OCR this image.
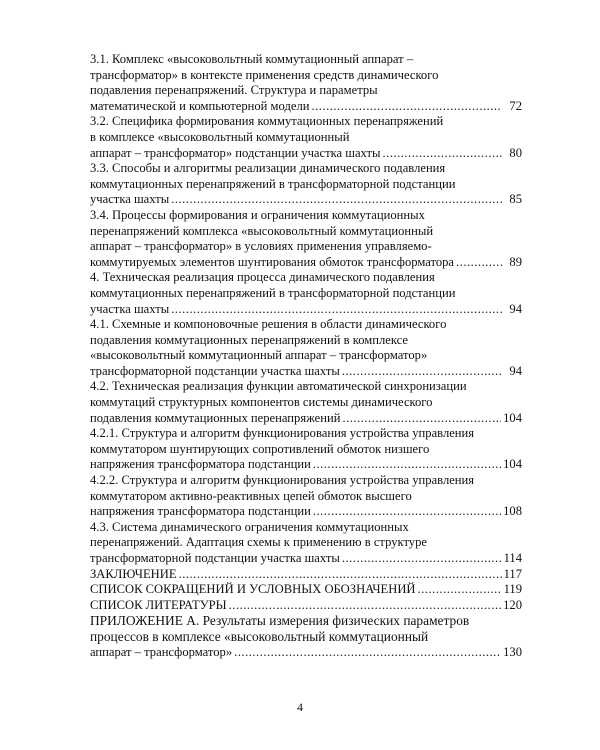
3.1. Комплекс «высоковольтный коммутационный аппарат –
трансформатор» в контексте применения средств динамического
подавления перенапряжений. Структура и параметры
математической и компьютерной модели .....	72
3.2. Специфика формирования коммутационных перенапряжений
в комплексе «высоковольтный коммутационный
аппарат – трансформатор» подстанции участка шахты .....	80
3.3. Способы и алгоритмы реализации динамического подавления
коммутационных перенапряжений в трансформаторной подстанции
участка шахты .....	85
3.4. Процессы формирования и ограничения коммутационных
перенапряжений комплекса «высоковольтный коммутационный
аппарат – трансформатор» в условиях применения управляемо-
коммутируемых элементов шунтирования обмоток трансформатора .....	89
4. Техническая реализация процесса динамического подавления
коммутационных перенапряжений в трансформаторной подстанции
участка шахты .....	94
4.1. Схемные и компоновочные решения в области динамического
подавления коммутационных перенапряжений в комплексе
«высоковольтный коммутационный аппарат – трансформатор»
трансформаторной подстанции участка шахты .....	94
4.2. Техническая реализация функции автоматической синхронизации
коммутаций структурных компонентов системы динамического
подавления коммутационных перенапряжений .....	104
4.2.1. Структура и алгоритм функционирования устройства управления
коммутатором шунтирующих сопротивлений обмоток низшего
напряжения трансформатора подстанции .....	104
4.2.2. Структура и алгоритм функционирования устройства управления
коммутатором активно-реактивных цепей обмоток высшего
напряжения трансформатора подстанции .....	108
4.3. Система динамического ограничения коммутационных
перенапряжений. Адаптация схемы к применению в структуре
трансформаторной подстанции участка шахты .....	114
ЗАКЛЮЧЕНИЕ .....	117
СПИСОК СОКРАЩЕНИЙ И УСЛОВНЫХ ОБОЗНАЧЕНИЙ .....	119
СПИСОК ЛИТЕРАТУРЫ .....	120
ПРИЛОЖЕНИЕ А. Результаты измерения физических параметров
процессов в комплексе «высоковольтный коммутационный
аппарат – трансформатор» .....	130
4
